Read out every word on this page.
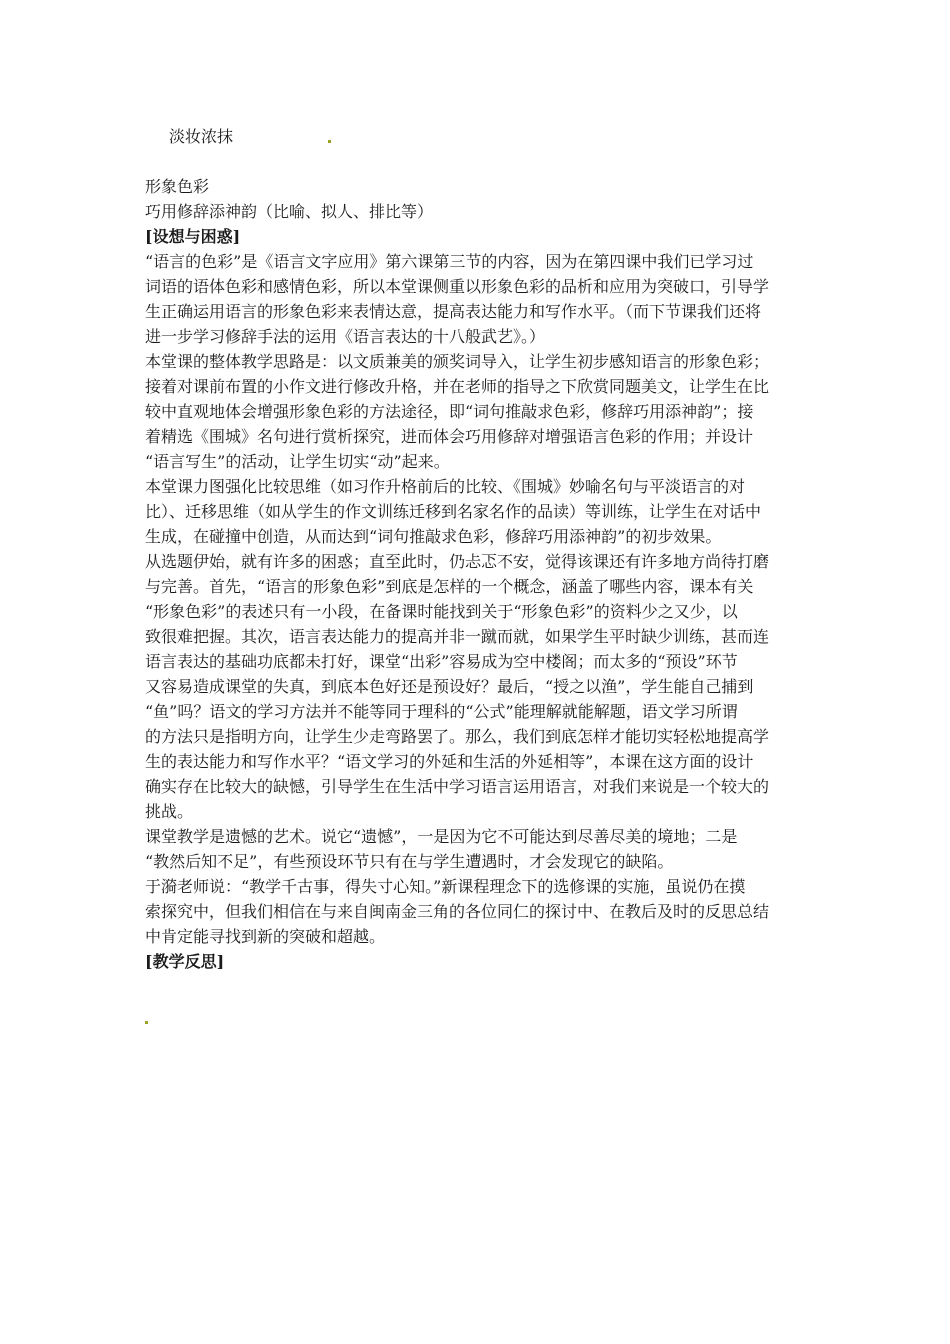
淡妆浓抹
形象色彩
巧用修辞添神韵（比喻、拟人、排比等）
[设想与困惑]
“语言的色彩”是《语言文字应用》第六课第三节的内容，因为在第四课中我们已学习过
词语的语体色彩和感情色彩，所以本堂课侧重以形象色彩的品析和应用为突破口，引导学
生正确运用语言的形象色彩来表情达意，提高表达能力和写作水平。（而下节课我们还将
进一步学习修辞手法的运用《语言表达的十八般武艺》。）
本堂课的整体教学思路是：以文质兼美的颁奖词导入，让学生初步感知语言的形象色彩；
接着对课前布置的小作文进行修改升格，并在老师的指导之下欣赏同题美文，让学生在比
较中直观地体会增强形象色彩的方法途径，即“词句推敲求色彩，修辞巧用添神韵”；接
着精选《围城》名句进行赏析探究，进而体会巧用修辞对增强语言色彩的作用；并设计
“语言写生”的活动，让学生切实“动”起来。
本堂课力图强化比较思维（如习作升格前后的比较、《围城》妙喻名句与平淡语言的对
比）、迁移思维（如从学生的作文训练迁移到名家名作的品读）等训练，让学生在对话中
生成，在碰撞中创造，从而达到“词句推敲求色彩，修辞巧用添神韵”的初步效果。
从选题伊始，就有许多的困惑；直至此时，仍忐忑不安，觉得该课还有许多地方尚待打磨
与完善。首先，“语言的形象色彩”到底是怎样的一个概念，涵盖了哪些内容，课本有关
“形象色彩”的表述只有一小段，在备课时能找到关于“形象色彩”的资料少之又少，以
致很难把握。其次，语言表达能力的提高并非一蹴而就，如果学生平时缺少训练，甚而连
语言表达的基础功底都未打好，课堂“出彩”容易成为空中楼阁；而太多的“预设”环节
又容易造成课堂的失真，到底本色好还是预设好？最后，“授之以渔”，学生能自己捕到
“鱼”吗？语文的学习方法并不能等同于理科的“公式”能理解就能解题，语文学习所谓
的方法只是指明方向，让学生少走弯路罢了。那么，我们到底怎样才能切实轻松地提高学
生的表达能力和写作水平？“语文学习的外延和生活的外延相等”，本课在这方面的设计
确实存在比较大的缺憾，引导学生在生活中学习语言运用语言，对我们来说是一个较大的
挑战。
课堂教学是遗憾的艺术。说它“遗憾”，一是因为它不可能达到尽善尽美的境地；二是
“教然后知不足”，有些预设环节只有在与学生遭遇时，才会发现它的缺陷。
于漪老师说：“教学千古事，得失寸心知。”新课程理念下的选修课的实施，虽说仍在摸
索探究中，但我们相信在与来自闽南金三角的各位同仁的探讨中、在教后及时的反思总结
中肯定能寻找到新的突破和超越。
[教学反思]
